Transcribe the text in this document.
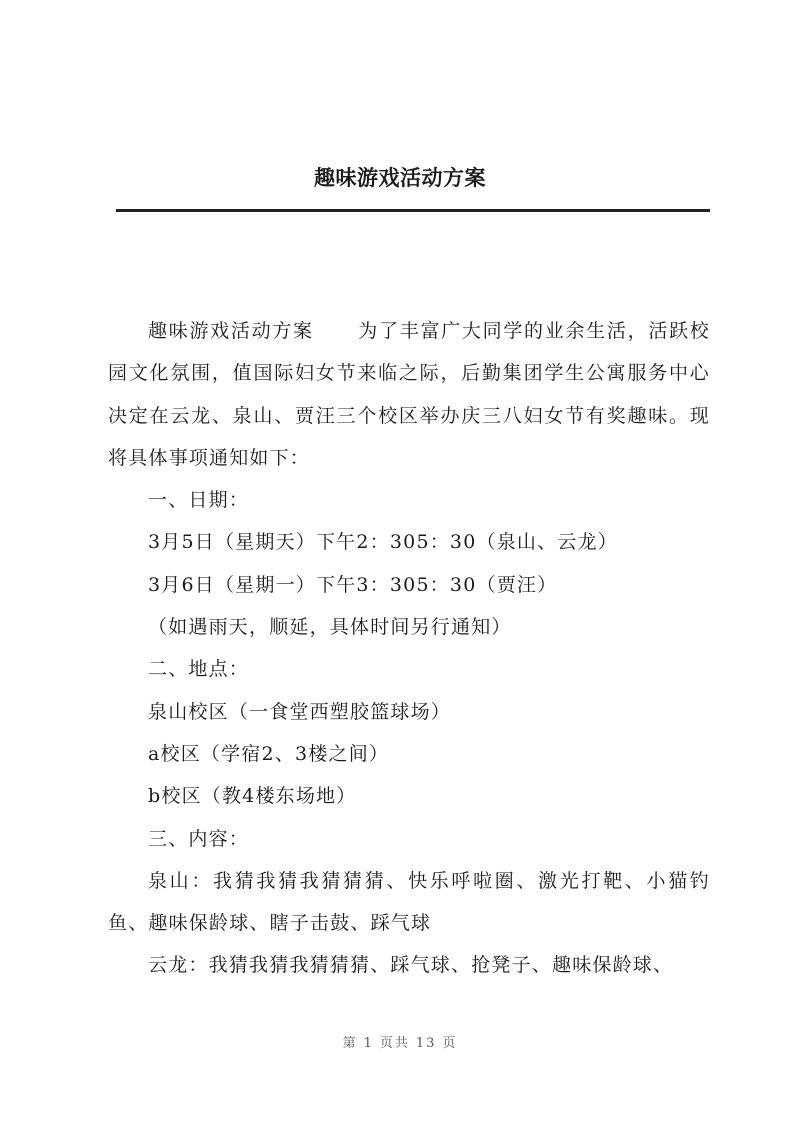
趣味游戏活动方案

趣味游戏活动方案 为了丰富广大同学的业余生活，活跃校园文化氛围，值国际妇女节来临之际，后勤集团学生公寓服务中心决定在云龙、泉山、贾汪三个校区举办庆三八妇女节有奖趣味。现将具体事项通知如下：

一、日期：

3月5日（星期天）下午2：305：30（泉山、云龙）

3月6日（星期一）下午3：305：30（贾汪）

（如遇雨天，顺延，具体时间另行通知）

二、地点：

泉山校区（一食堂西塑胶篮球场）

a校区（学宿2、3楼之间）

b校区（教4楼东场地）

三、内容：

泉山：我猜我猜我猜猜猜、快乐呼啦圈、激光打靶、小猫钓鱼、趣味保龄球、瞎子击鼓、踩气球

云龙：我猜我猜我猜猜猜、踩气球、抢凳子、趣味保龄球、

第 1 页共 13 页
